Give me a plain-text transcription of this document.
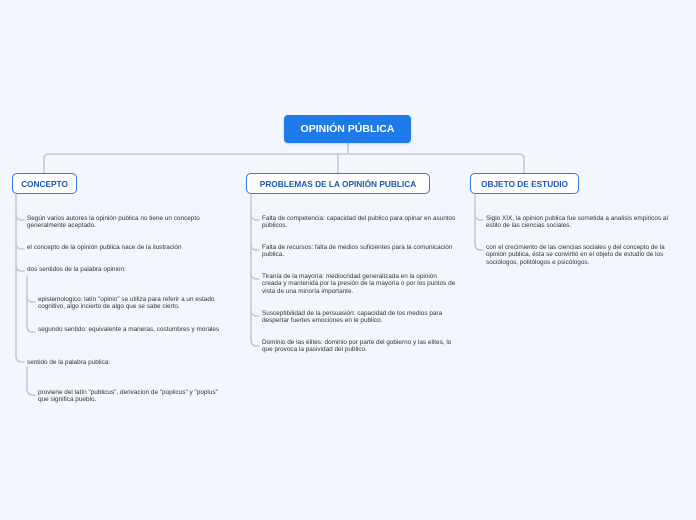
OPINIÓN PÚBLICA
CONCEPTO
Según varios autores la opinión publica no tiene un concepto generalmente aceptado.
el concepto de la opinión publica nace de la ilustración
dos sentidos de la palabra opinion:
epistemologico: latín "opinio" se utiliza para referir a un estado cognitivo, algo incierto de algo que se sabe cierto.
segundo sentido: equivalente a maneras, costumbres y morales
sentido de la palabra publica:
proviene del latín "publicus", derivacion de "poplicus" y "poplus" que significa pueblo.
PROBLEMAS DE LA OPINIÓN PUBLICA
Falta de competencia: capacidad del publico para opinar en asuntos públicos.
Falta de recursos: falta de medios suficientes para la comunicación publica.
Tiranía de la mayoría: mediocridad generalizada en la opinión creada y mantenida por la presión de la mayoría o por los puntos de vista de una minoría importante.
Susceptibilidad de la persuasión: capacidad de los medios para despertar fuertes emociones en le publico.
Dominio de las élites: dominio por parte del gobierno y las elites, lo que provoca la pasividad del publico.
OBJETO DE ESTUDIO
Siglo XIX, la opinion publica fue sometida a analisis empiricos al estilo de las ciencias sociales.
con el crecimiento de las ciencias sociales y del concepto de la opinión publica, ésta se convirtió en el objeto de estudio de los sociólogos, politólogos e psicólogos.
